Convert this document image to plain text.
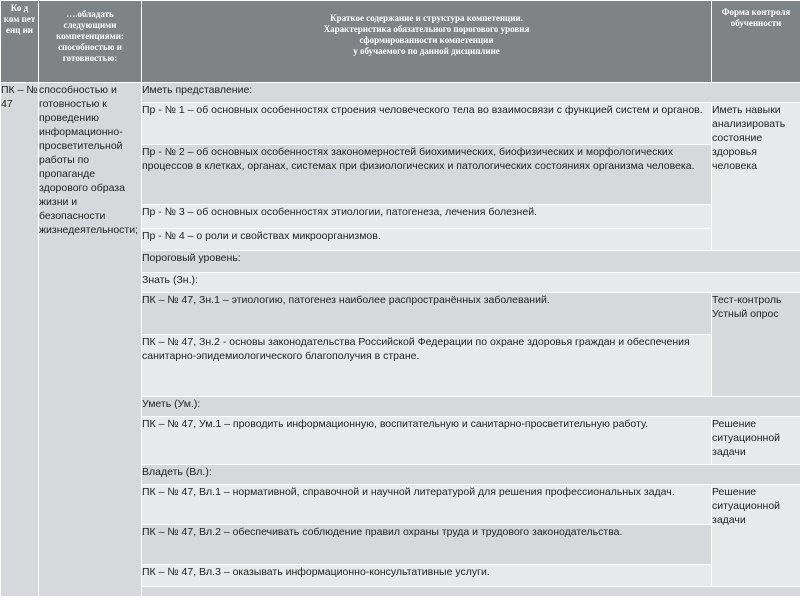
Ко д ком пет енц ии	….обладать следующими компетенциями: способностью и готовностью:	Краткое содержание и структура компетенции.
Характеристика обязательного порогового уровня
сформированности компетенции
у обучаемого по данной дисциплине	Форма контроля обученности

ПК – № 47	способностью и готовностью к проведению информационно-просветительной работы по пропаганде здорового образа жизни и безопасности жизнедеятельности;	Иметь представление:	
		Пр - № 1 – об основных особенностях строения человеческого тела во взаимосвязи с функцией систем и органов.	Иметь навыки анализировать состояние здоровья человека
		Пр - № 2 – об основных особенностях закономерностей биохимических, биофизических и морфологических процессов в клетках, органах, системах при физиологических и патологических состояниях организма человека.	
		Пр - № 3 – об основных особенностях этиологии, патогенеза, лечения болезней.	
		Пр - № 4 – о роли и свойствах микроорганизмов.	
		Пороговый уровень:	
		Знать (Зн.):	
		ПК – № 47, Зн.1 – этиологию, патогенез наиболее распространённых заболеваний.	Тест-контроль Устный опрос
		ПК – № 47, Зн.2 - основы законодательства Российской Федерации по охране здоровья граждан и обеспечения санитарно-эпидемиологического благополучия в стране.	
		Уметь (Ум.):	
		ПК – № 47, Ум.1 – проводить информационную, воспитательную и санитарно-просветительную работу.	Решение ситуационной задачи
		Владеть (Вл.):	
		ПК – № 47, Вл.1 – нормативной, справочной и научной литературой для решения профессиональных задач.	Решение ситуационной задачи
		ПК – № 47, Вл.2 – обеспечивать соблюдение правил охраны труда и трудового законодательства.	
		ПК – № 47, Вл.3 – оказывать информационно-консультативные услуги.	
